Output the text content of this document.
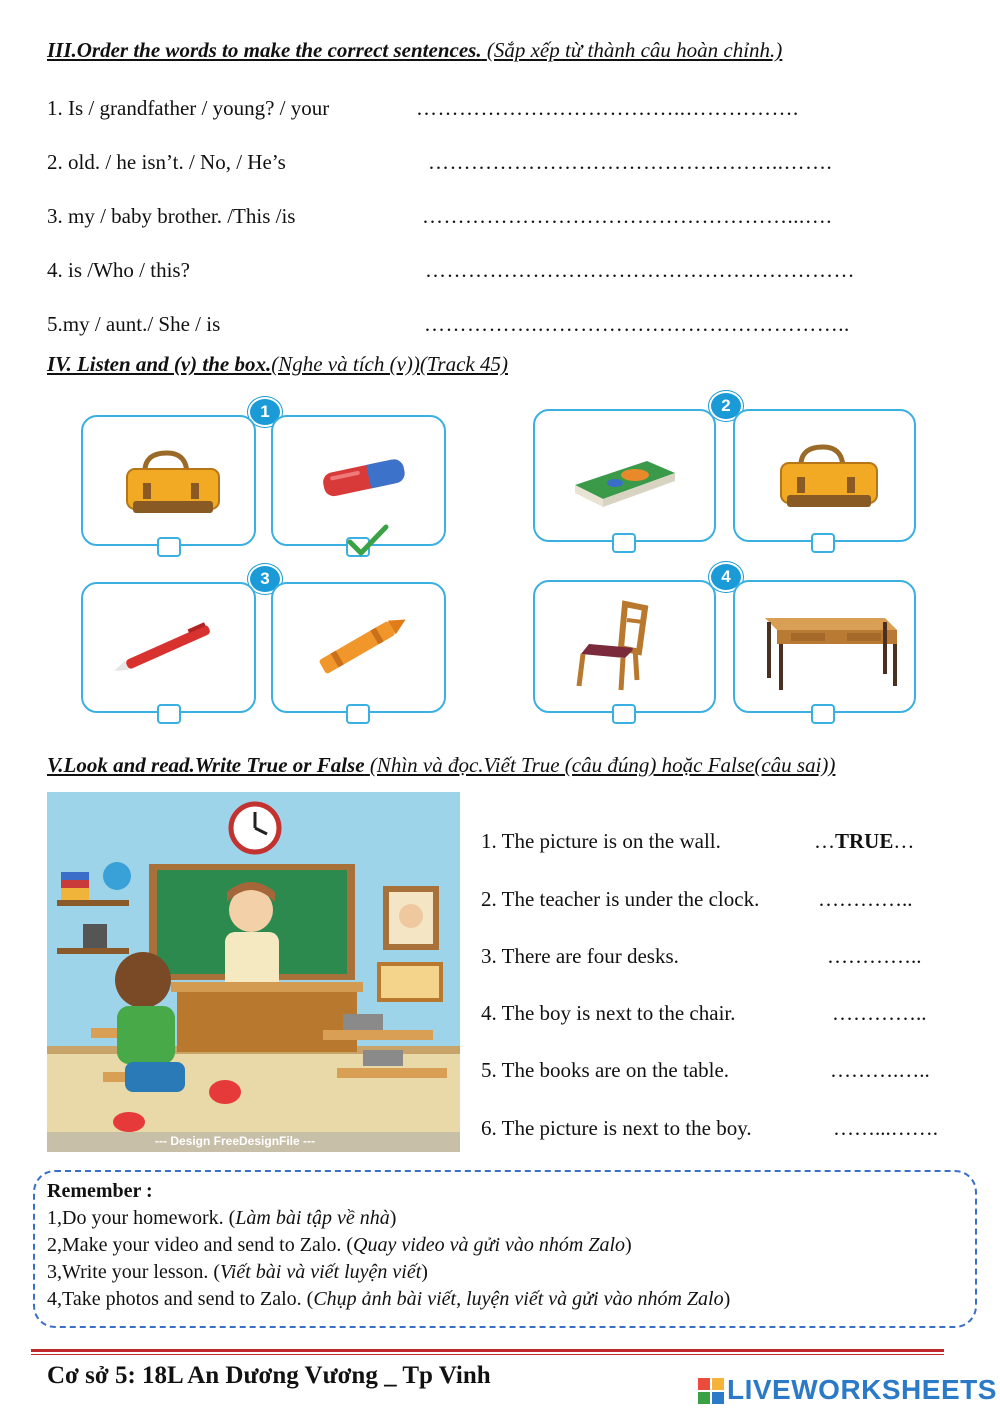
III.Order the words to make the correct sentences. (Sắp xếp từ thành câu hoàn chỉnh.)
1. Is / grandfather / young? / your	………………………………..…………….
2. old. / he isn’t. / No, / He’s	…………………………………………..…….
3. my / baby brother. /This /is	……………………………………………...….
4. is /Who / this?	……………………………………………………
5.my / aunt./ She / is	…………….……………………………………..
IV. Listen and (v) the box.(Nghe và tích (v))(Track 45)
1	2
3	4
V.Look and read.Write True or False (Nhìn và đọc.Viết True (câu đúng) hoặc False(câu sai))
--- Design FreeDesignFile ---
1. The picture is on the wall.	…TRUE…
2. The teacher is under the clock.	…………..
3. There are four desks.	…………..
4. The boy is next to the chair.	…………..
5. The books are on the table.	……….…..
6. The picture is next to the boy.	……...…….
Remember :
1,Do your homework. (Làm bài tập về nhà)
2,Make your video and send to Zalo. (Quay video và gửi vào nhóm Zalo)
3,Write your lesson. (Viết bài và viết luyện viết)
4,Take photos and send to Zalo. (Chụp ảnh bài viết, luyện viết và gửi vào nhóm Zalo)
Cơ sở 5: 18L An Dương Vương _ Tp Vinh	LIVEWORKSHEETS
